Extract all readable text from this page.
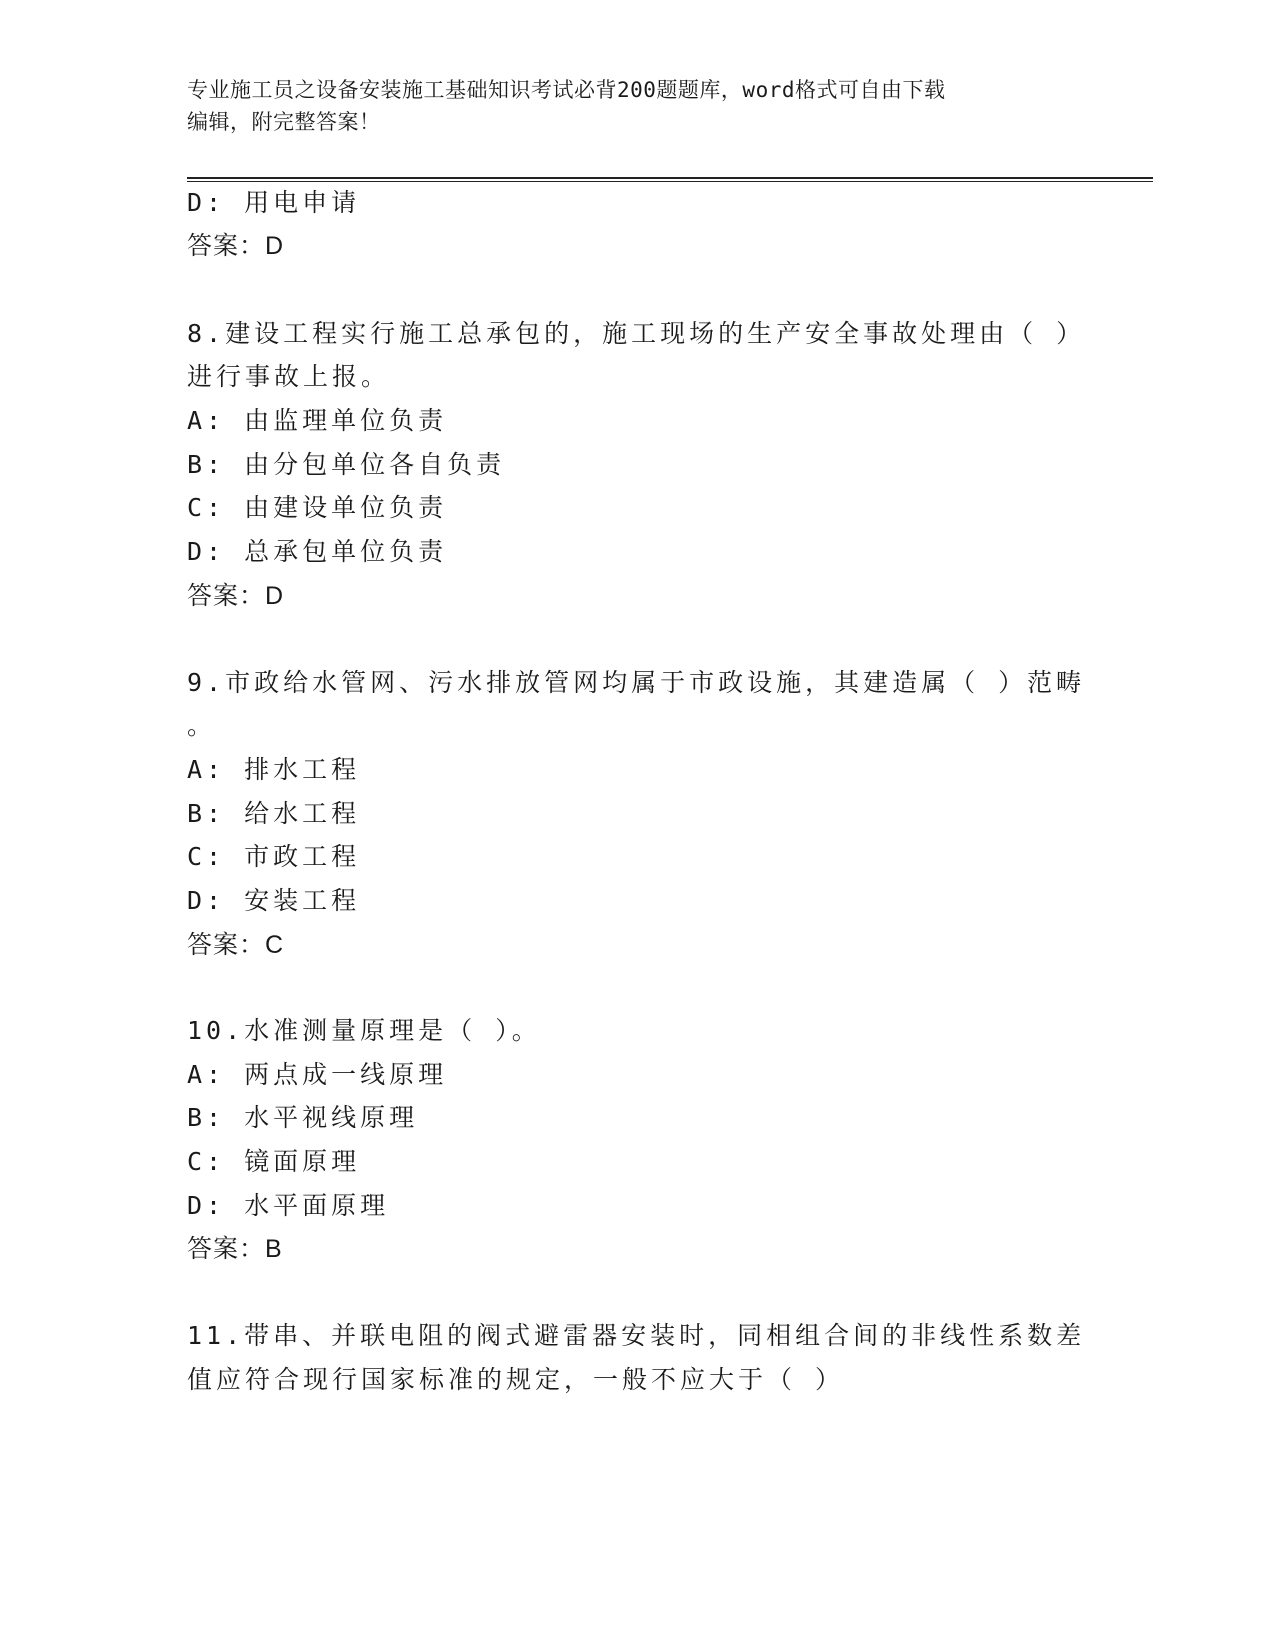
专业施工员之设备安装施工基础知识考试必背200题题库，word格式可自由下载
编辑，附完整答案！
D: 用电申请
答案：D
8.建设工程实行施工总承包的，施工现场的生产安全事故处理由（ ）
进行事故上报。
A: 由监理单位负责
B: 由分包单位各自负责
C: 由建设单位负责
D: 总承包单位负责
答案：D
9.市政给水管网、污水排放管网均属于市政设施，其建造属（ ）范畴
。
A: 排水工程
B: 给水工程
C: 市政工程
D: 安装工程
答案：C
10.水准测量原理是（ ）。
A: 两点成一线原理
B: 水平视线原理
C: 镜面原理
D: 水平面原理
答案：B
11.带串、并联电阻的阀式避雷器安装时，同相组合间的非线性系数差
值应符合现行国家标准的规定，一般不应大于（ ）
